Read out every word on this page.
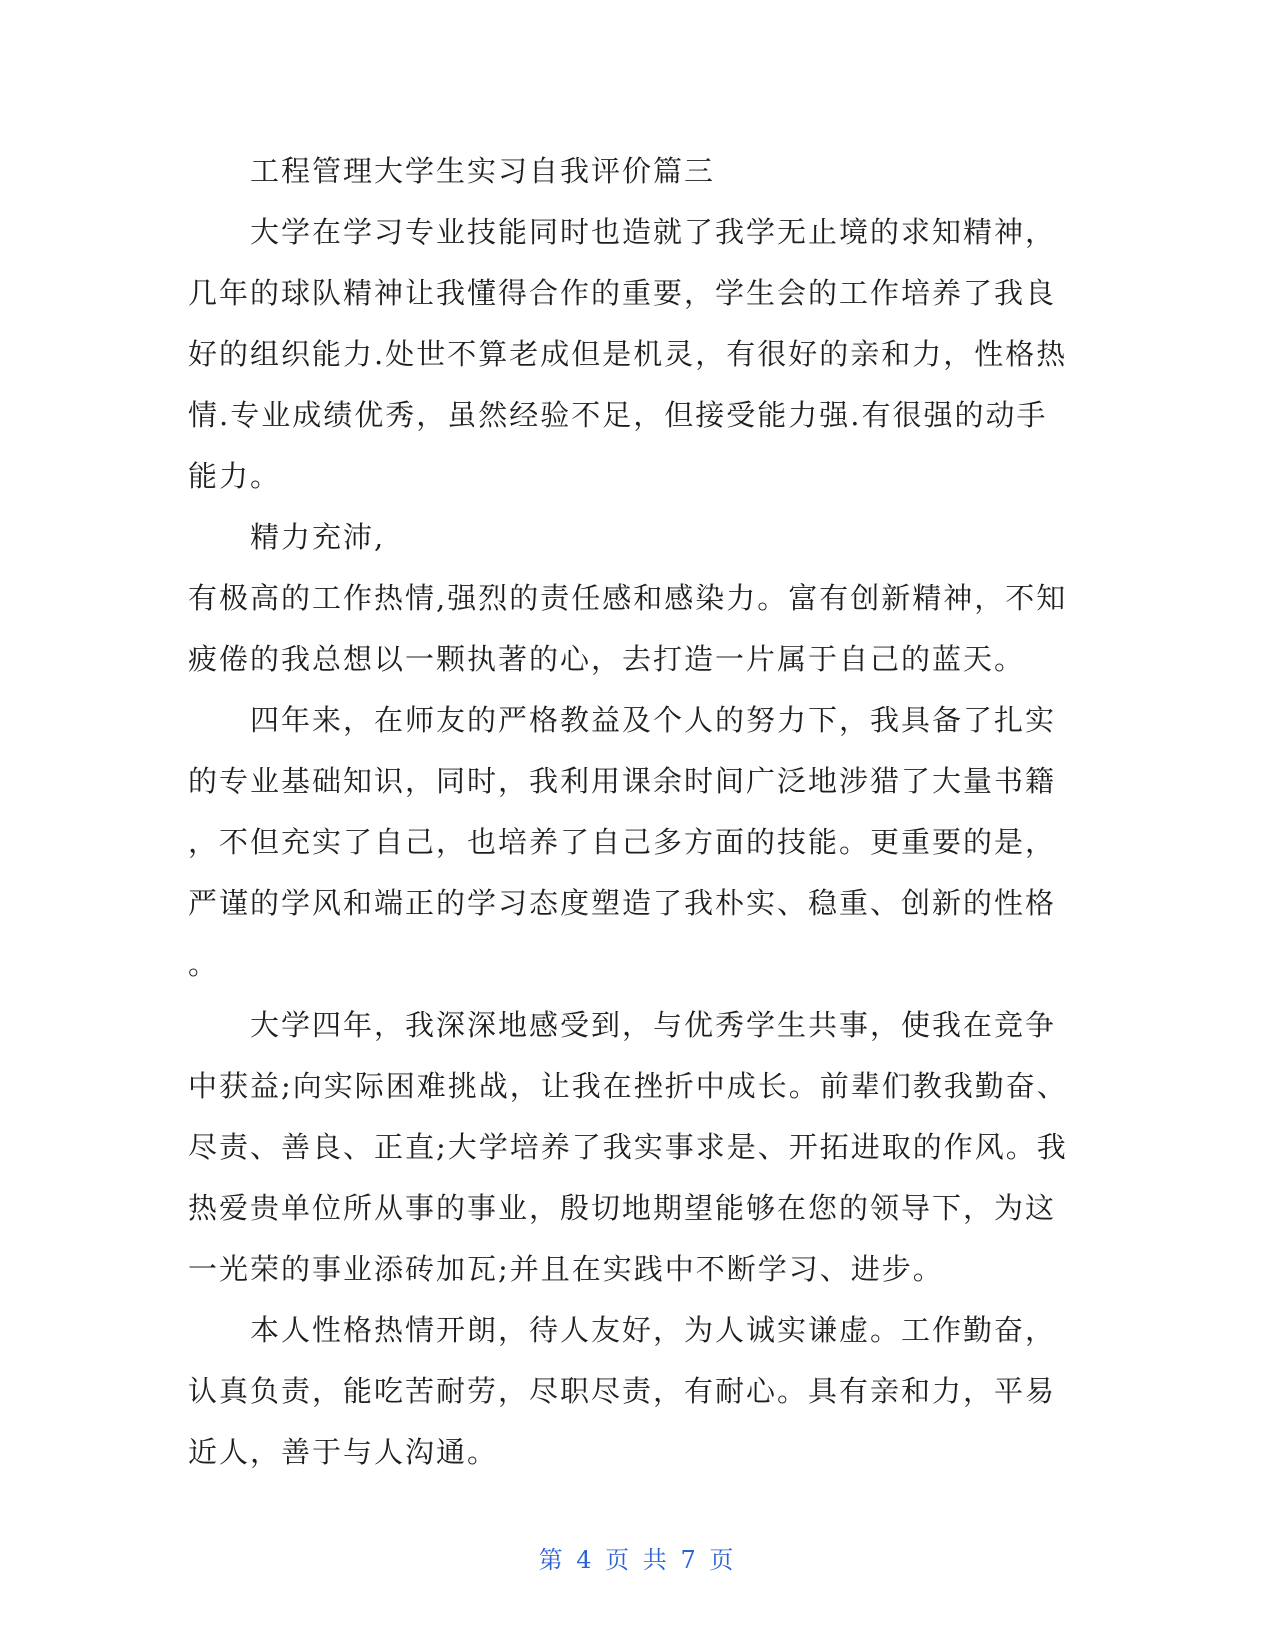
工程管理大学生实习自我评价篇三
大学在学习专业技能同时也造就了我学无止境的求知精神，
几年的球队精神让我懂得合作的重要，学生会的工作培养了我良
好的组织能力.处世不算老成但是机灵，有很好的亲和力，性格热
情.专业成绩优秀，虽然经验不足，但接受能力强.有很强的动手
能力。
精力充沛,
有极高的工作热情,强烈的责任感和感染力。富有创新精神，不知
疲倦的我总想以一颗执著的心，去打造一片属于自己的蓝天。
四年来，在师友的严格教益及个人的努力下，我具备了扎实
的专业基础知识，同时，我利用课余时间广泛地涉猎了大量书籍
，不但充实了自己，也培养了自己多方面的技能。更重要的是，
严谨的学风和端正的学习态度塑造了我朴实、稳重、创新的性格
。
大学四年，我深深地感受到，与优秀学生共事，使我在竞争
中获益;向实际困难挑战，让我在挫折中成长。前辈们教我勤奋、
尽责、善良、正直;大学培养了我实事求是、开拓进取的作风。我
热爱贵单位所从事的事业，殷切地期望能够在您的领导下，为这
一光荣的事业添砖加瓦;并且在实践中不断学习、进步。
本人性格热情开朗，待人友好，为人诚实谦虚。工作勤奋，
认真负责，能吃苦耐劳，尽职尽责，有耐心。具有亲和力，平易
近人，善于与人沟通。
第 4 页 共 7 页
